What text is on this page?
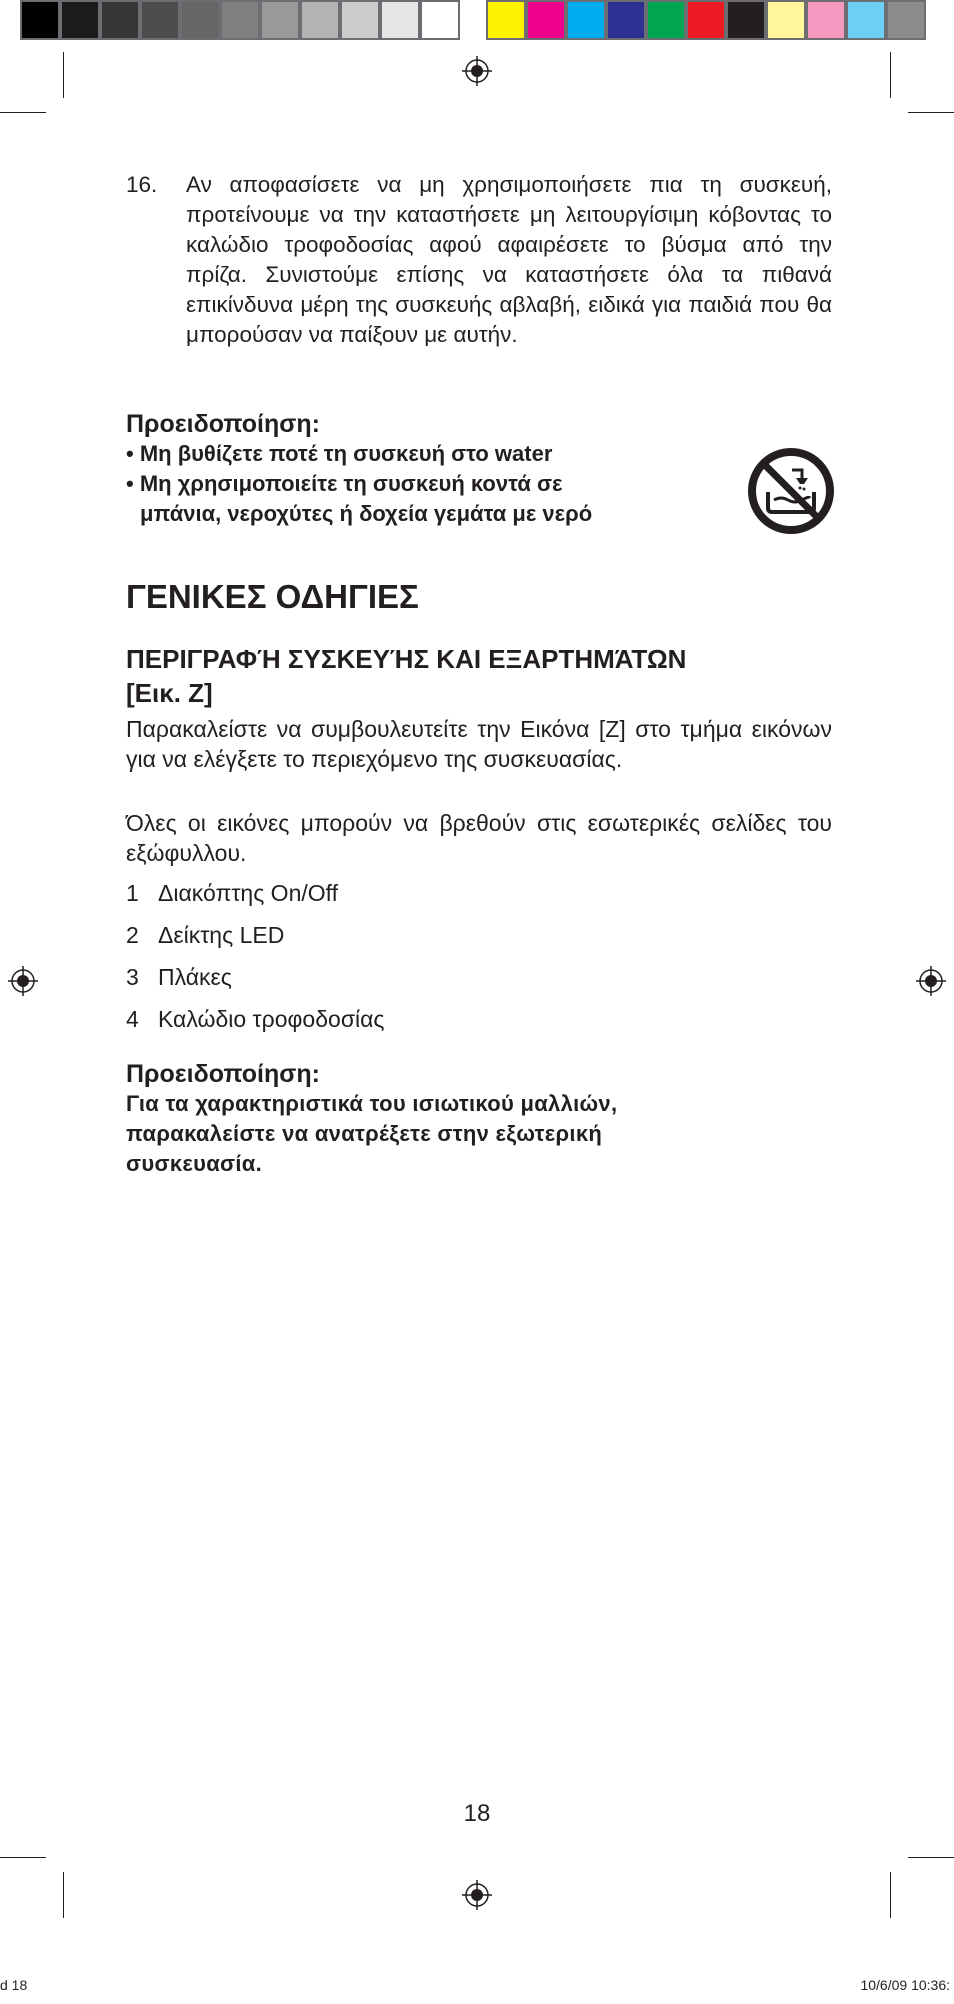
16. Αν αποφασίσετε να μη χρησιμοποιήσετε πια τη συσκευή, προτείνουμε να την καταστήσετε μη λειτουργίσιμη κόβοντας το καλώδιο τροφοδοσίας αφού αφαιρέσετε το βύσμα από την πρίζα. Συνιστούμε επίσης να καταστήσετε όλα τα πιθανά επικίνδυνα μέρη της συσκευής αβλαβή, ειδικά για παιδιά που θα μπορούσαν να παίξουν με αυτήν.
Προειδοποίηση:
• Μη βυθίζετε ποτέ τη συσκευή στο water
• Μη χρησιμοποιείτε τη συσκευή κοντά σε
μπάνια, νεροχύτες ή δοχεία γεμάτα με νερό
ΓΕΝΙΚΕΣ ΟΔΗΓΙΕΣ
ΠΕΡΙΓΡΑΦΉ ΣΥΣΚΕΥΉΣ ΚΑΙ ΕΞΑΡΤΗΜΆΤΩΝ
[Εικ. Z]
Παρακαλείστε να συμβουλευτείτε την Εικόνα [Z] στο τμήμα εικόνων για να ελέγξετε το περιεχόμενο της συσκευασίας.
Όλες οι εικόνες μπορούν να βρεθούν στις εσωτερικές σελίδες του εξώφυλλου.
1 Διακόπτης On/Off
2 Δείκτης LED
3 Πλάκες
4 Καλώδιο τροφοδοσίας
Προειδοποίηση:
Για τα χαρακτηριστικά του ισιωτικού μαλλιών,
παρακαλείστε να ανατρέξετε στην εξωτερική
συσκευασία.
18
d 18	10/6/09 10:36:
